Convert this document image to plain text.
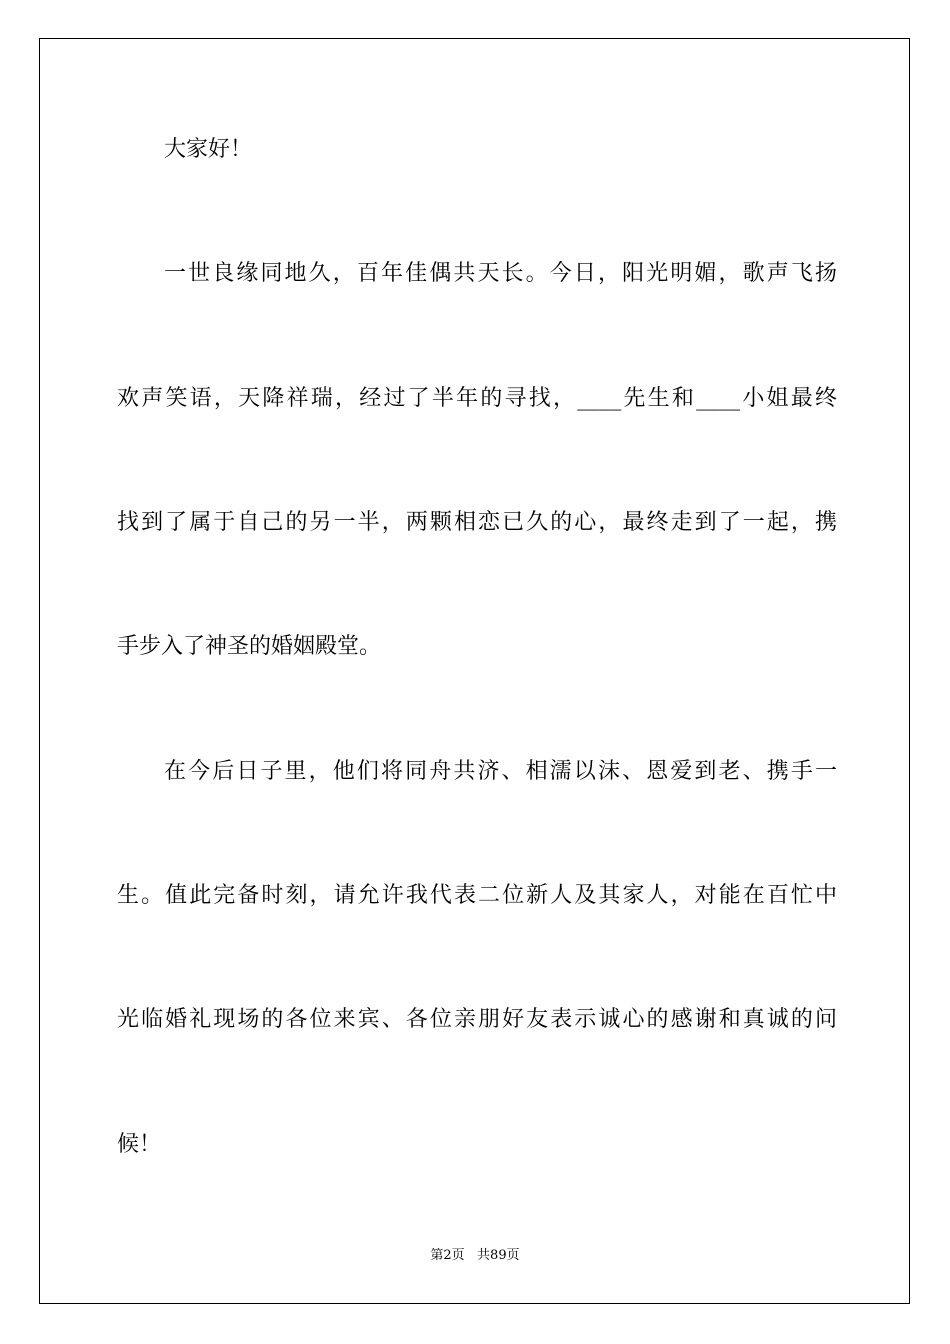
大家好！

一世良缘同地久，百年佳偶共天长。今日，阳光明媚，歌声飞扬

欢声笑语，天降祥瑞，经过了半年的寻找，____先生和____小姐最终

找到了属于自己的另一半，两颗相恋已久的心，最终走到了一起，携

手步入了神圣的婚姻殿堂。

在今后日子里，他们将同舟共济、相濡以沫、恩爱到老、携手一

生。值此完备时刻，请允许我代表二位新人及其家人，对能在百忙中

光临婚礼现场的各位来宾、各位亲朋好友表示诚心的感谢和真诚的问

候！

第2页   共89页
